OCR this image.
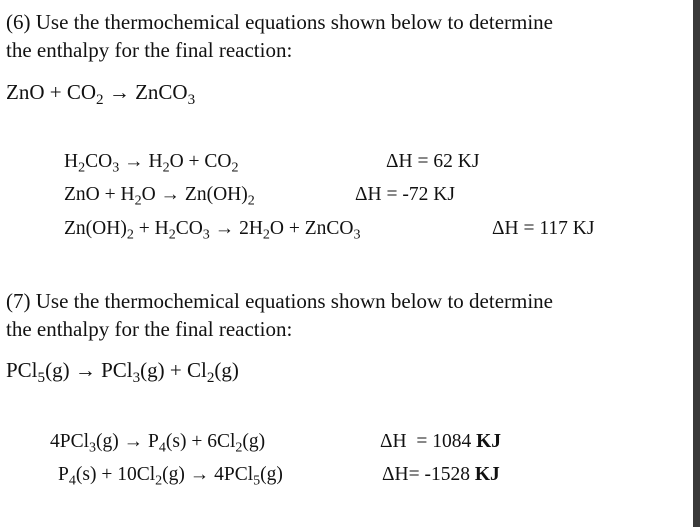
(6) Use the thermochemical equations shown below to determine
the enthalpy for the final reaction:
ZnO + $CO_2$ → ZnCO$_3$
$H_2CO_3 \to H_2O + CO_2$	ΔH = 62 KJ
ZnO + $H_2O \to Zn(OH)_2$	ΔH = -72 KJ
$Zn(OH)_2 + H_2CO_3 \to 2H_2O$ + ZnCO$_3$	ΔH = 117 KJ
(7) Use the thermochemical equations shown below to determine
the enthalpy for the final reaction:
$PCl_5(g) \to PCl_3(g) + Cl_2(g)$
$4PCl_3(g) \to P_4(s) + 6Cl_2(g)$	ΔH  = 1084 KJ
$P_4(s) + 10Cl_2(g) \to 4PCl_5(g)$	ΔH= -1528 KJ
